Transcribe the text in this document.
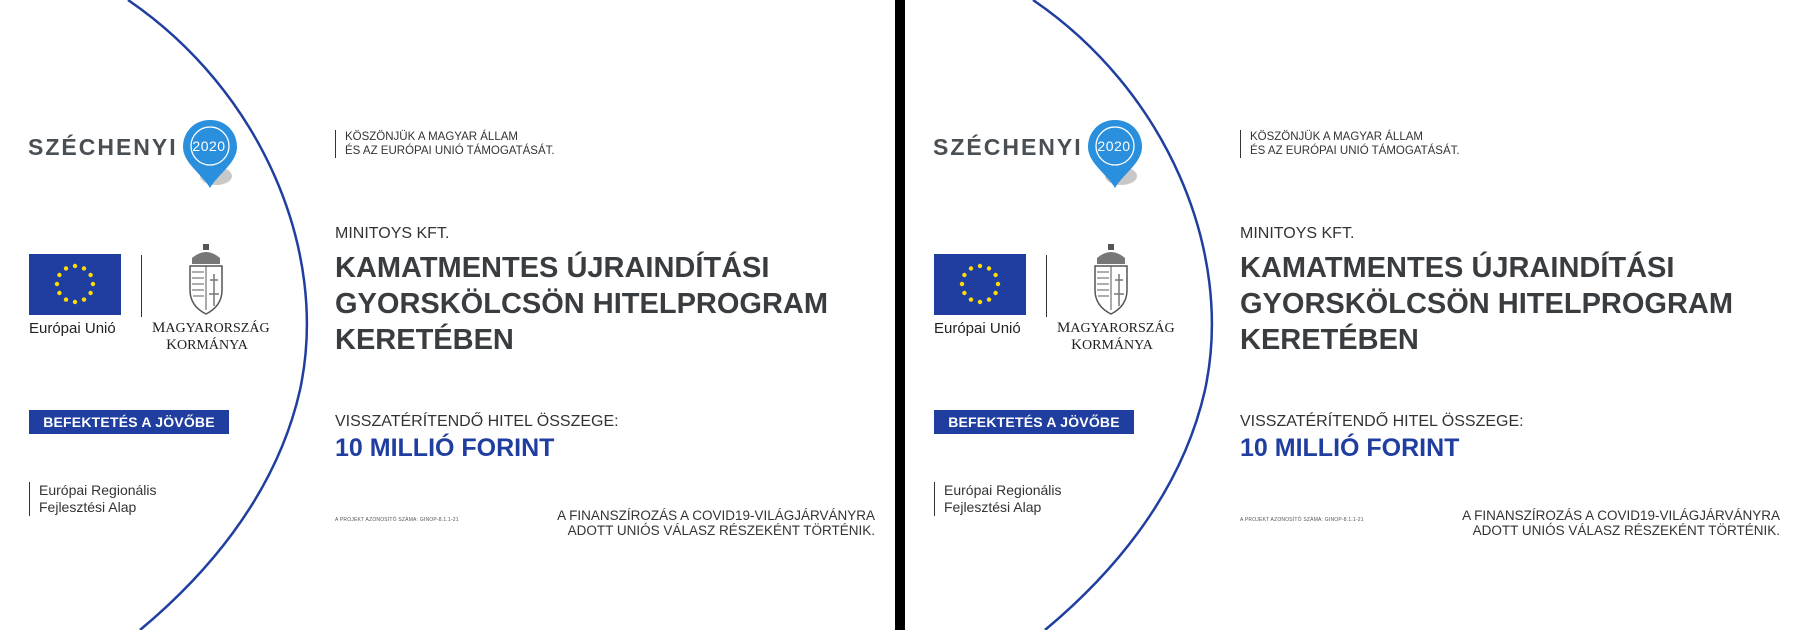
SZÉCHENYI	2020
Európai Unió MAGYARORSZÁG
KORMÁNYA
BEFEKTETÉS A JÖVŐBE
Európai Regionális
Fejlesztési Alap
KÖSZÖNJÜK A MAGYAR ÁLLAM
ÉS AZ EURÓPAI UNIÓ TÁMOGATÁSÁT.
MINITOYS KFT.
KAMATMENTES ÚJRAINDÍTÁSI
GYORSKÖLCSÖN HITELPROGRAM
KERETÉBEN
VISSZATÉRÍTENDŐ HITEL ÖSSZEGE:
10 MILLIÓ FORINT
A PROJEKT AZONOSÍTÓ SZÁMA: GINOP-8.1.1-21	A FINANSZÍROZÁS A COVID19-VILÁGJÁRVÁNYRA
ADOTT UNIÓS VÁLASZ RÉSZEKÉNT TÖRTÉNIK.
SZÉCHENYI	2020
Európai Unió MAGYARORSZÁG
KORMÁNYA
BEFEKTETÉS A JÖVŐBE
Európai Regionális
Fejlesztési Alap
KÖSZÖNJÜK A MAGYAR ÁLLAM
ÉS AZ EURÓPAI UNIÓ TÁMOGATÁSÁT.
MINITOYS KFT.
KAMATMENTES ÚJRAINDÍTÁSI
GYORSKÖLCSÖN HITELPROGRAM
KERETÉBEN
VISSZATÉRÍTENDŐ HITEL ÖSSZEGE:
10 MILLIÓ FORINT
A PROJEKT AZONOSÍTÓ SZÁMA: GINOP-8.1.1-21	A FINANSZÍROZÁS A COVID19-VILÁGJÁRVÁNYRA
ADOTT UNIÓS VÁLASZ RÉSZEKÉNT TÖRTÉNIK.
